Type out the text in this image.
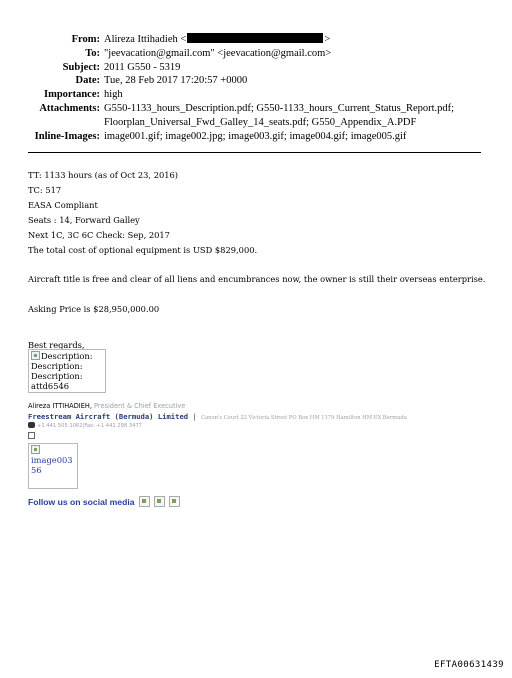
From: Alireza Ittihadieh <	>
To: "jeevacation@gmail.com" <jeevacation@gmail.com>
Subject: 2011 G550 - 5319
Date: Tue, 28 Feb 2017 17:20:57 +0000
Importance: high
Attachments: G550-1133_hours_Description.pdf; G550-1133_hours_Current_Status_Report.pdf;
Floorplan_Universal_Fwd_Galley_14_seats.pdf; G550_Appendix_A.PDF
Inline-Images: image001.gif; image002.jpg; image003.gif; image004.gif; image005.gif
TT: 1133 hours (as of Oct 23, 2016)
TC: 517
EASA Compliant
Seats : 14, Forward Galley
Next 1C, 3C 6C Check: Sep, 2017
The total cost of optional equipment is USD $829,000.
Aircraft title is free and clear of all liens and encumbrances now, the owner is still their overseas enterprise.
Asking Price is $28,950,000.00
Best regards,
Description:
Description:
Description:
attd6546
Alireza ITTIHADIEH, President & Chief Executive
Freestream Aircraft (Bermuda) Limited | Canon's Court 22 Victoria Street PO Box HM 1179 Hamilton HM EX Bermuda
+1 441 505 1062|Fax: +1 441 298 3477
image003
56
Follow us on social media
EFTA00631439
